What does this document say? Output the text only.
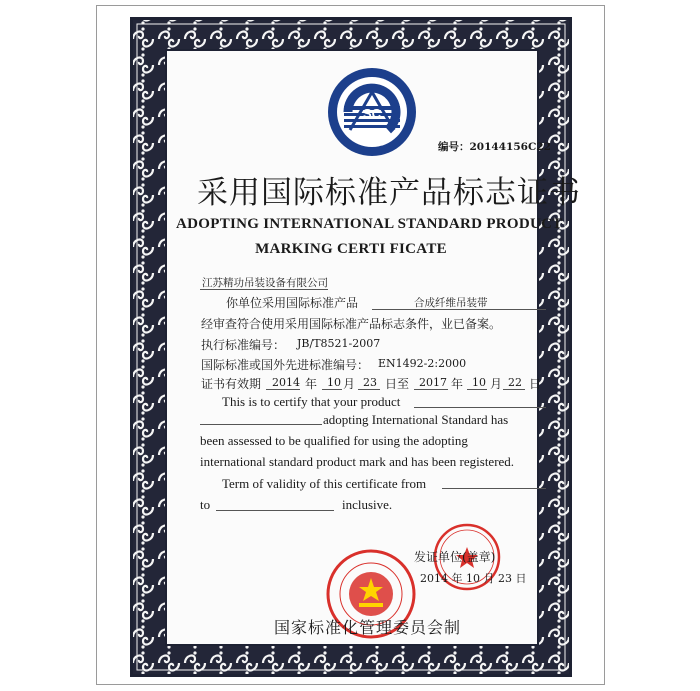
SC
编号：20144156C22
采用国际标准产品标志证书
ADOPTING INTERNATIONAL STANDARD PRODUCT
MARKING CERTI FICATE
江苏精功吊装设备有限公司
你单位采用国际标准产品	合成纤维吊装带
经审查符合使用采用国际标准产品标志条件，业已备案。
执行标准编号： JB/T8521-2007
国际标准或国外先进标准编号： EN1492-2:2000
证书有效期 2014 年 10 月 23 日至 2017 年 10 月 22 日
This is to certify that your product
adopting International Standard has
been assessed to be qualified for using the adopting
international standard product mark and has been registered.
Term of validity of this certificate from
to	inclusive.
发证单位(盖章)
2014 年 10 月 23 日
国家标准化管理委员会制
